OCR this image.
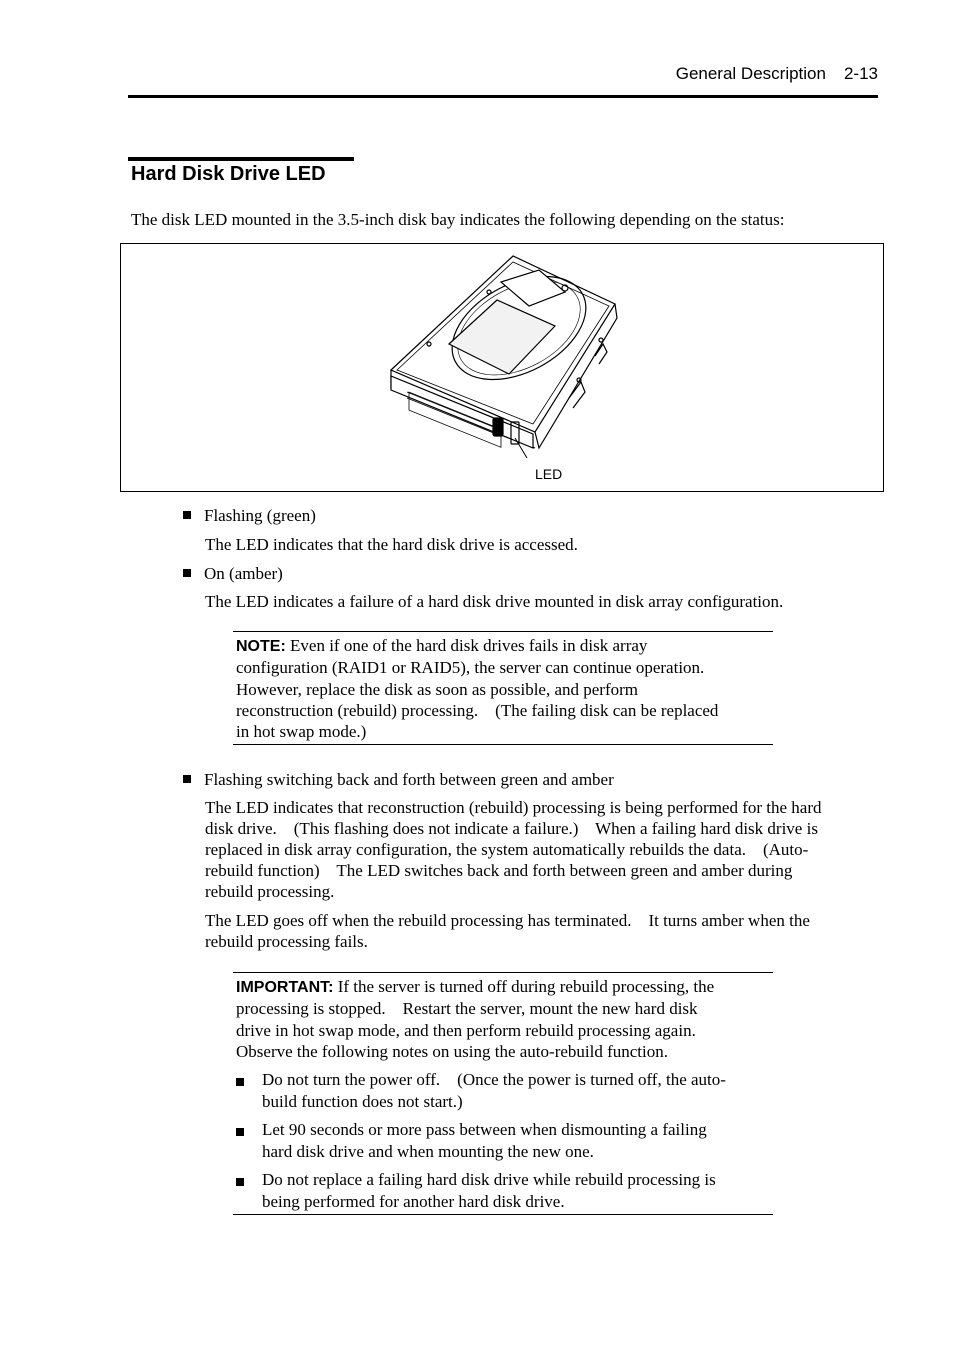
General Description 2-13
Hard Disk Drive LED
The disk LED mounted in the 3.5-inch disk bay indicates the following depending on the status:
LED
Flashing (green)
The LED indicates that the hard disk drive is accessed.
On (amber)
The LED indicates a failure of a hard disk drive mounted in disk array configuration.
NOTE: Even if one of the hard disk drives fails in disk array
configuration (RAID1 or RAID5), the server can continue operation.
However, replace the disk as soon as possible, and perform
reconstruction (rebuild) processing.    (The failing disk can be replaced
in hot swap mode.)
Flashing switching back and forth between green and amber
The LED indicates that reconstruction (rebuild) processing is being performed for the hard
disk drive.    (This flashing does not indicate a failure.)    When a failing hard disk drive is
replaced in disk array configuration, the system automatically rebuilds the data.    (Auto-
rebuild function)    The LED switches back and forth between green and amber during
rebuild processing.
The LED goes off when the rebuild processing has terminated.    It turns amber when the
rebuild processing fails.
IMPORTANT: If the server is turned off during rebuild processing, the
processing is stopped.    Restart the server, mount the new hard disk
drive in hot swap mode, and then perform rebuild processing again.
Observe the following notes on using the auto-rebuild function.
Do not turn the power off.    (Once the power is turned off, the auto-
build function does not start.)
Let 90 seconds or more pass between when dismounting a failing
hard disk drive and when mounting the new one.
Do not replace a failing hard disk drive while rebuild processing is
being performed for another hard disk drive.
